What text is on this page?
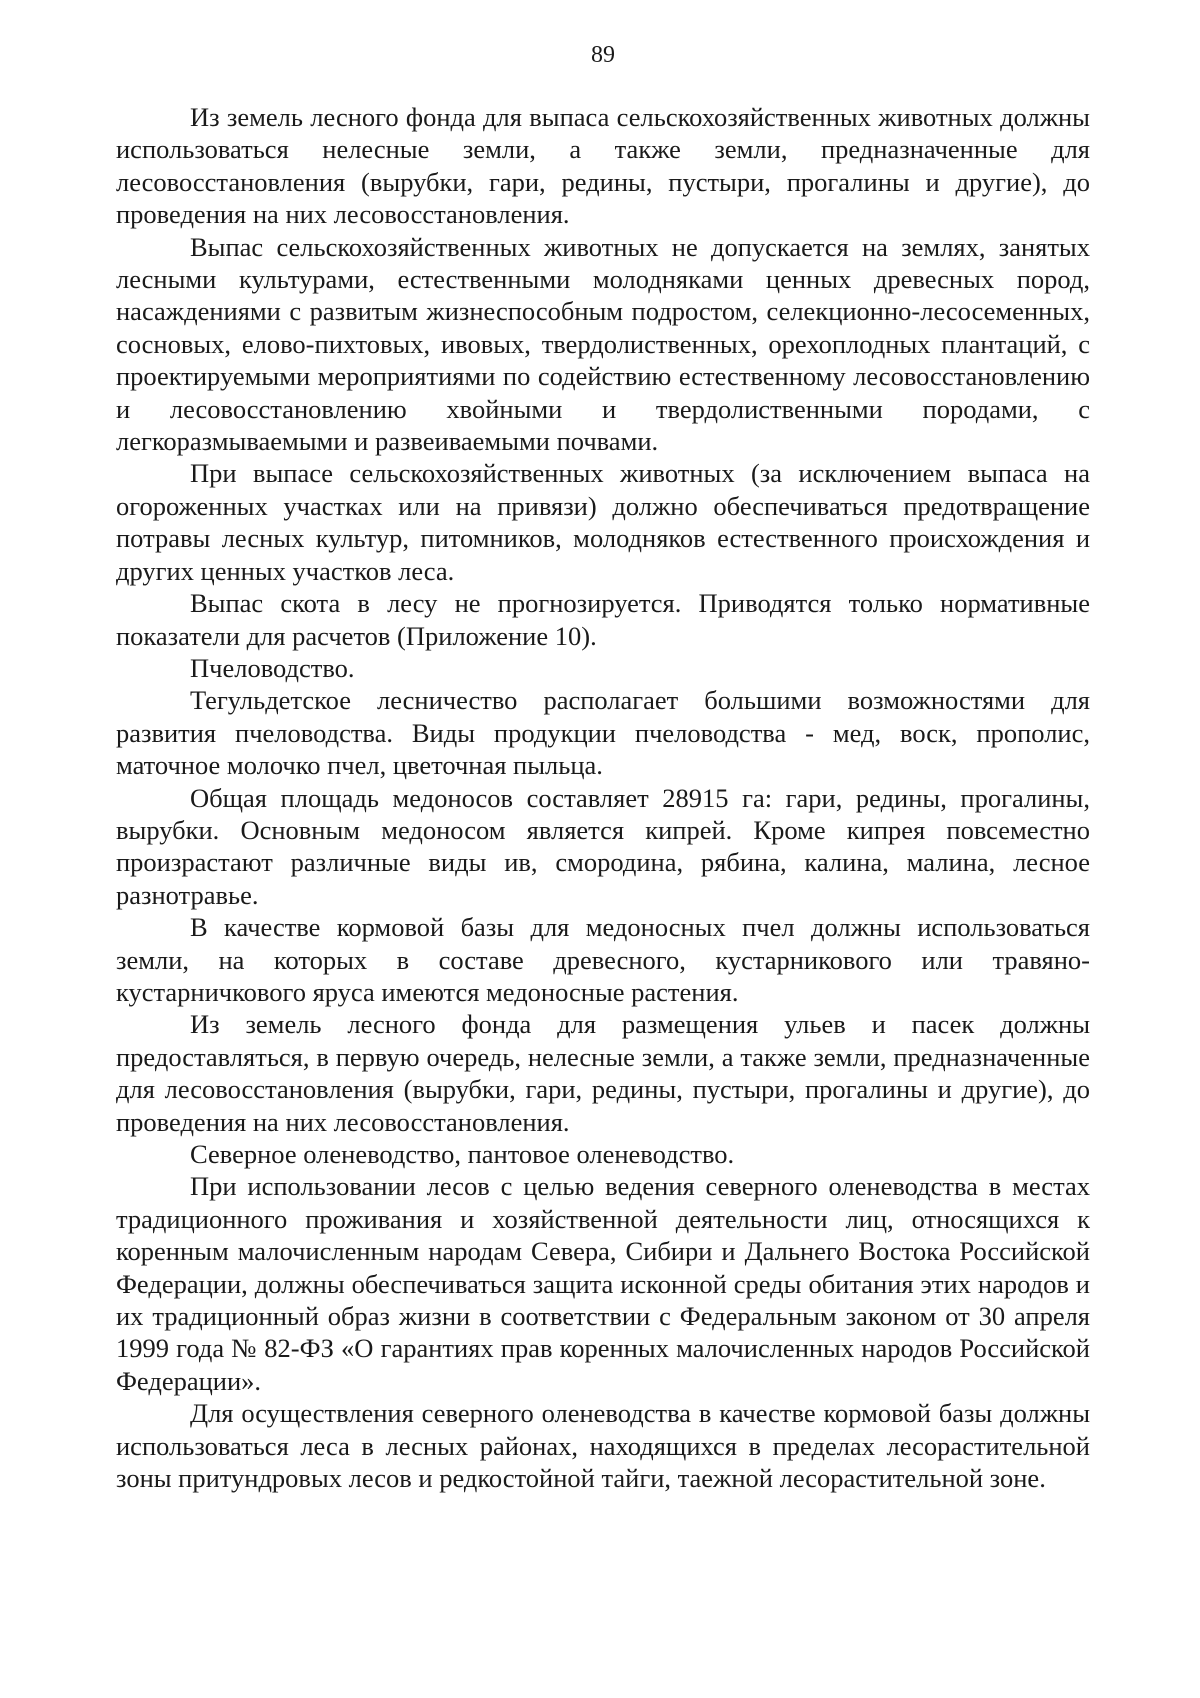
89

Из земель лесного фонда для выпаса сельскохозяйственных животных должны использоваться нелесные земли, а также земли, предназначенные для лесовосстановления (вырубки, гари, редины, пустыри, прогалины и другие), до проведения на них лесовосстановления.

Выпас сельскохозяйственных животных не допускается на землях, занятых лесными культурами, естественными молодняками ценных древесных пород, насаждениями с развитым жизнеспособным подростом, селекционно-лесосеменных, сосновых, елово-пихтовых, ивовых, твердолиственных, орехоплодных плантаций, с проектируемыми мероприятиями по содействию естественному лесовосстановлению и лесовосстановлению хвойными и твердолиственными породами, с легкоразмываемыми и развеиваемыми почвами.

При выпасе сельскохозяйственных животных (за исключением выпаса на огороженных участках или на привязи) должно обеспечиваться предотвращение потравы лесных культур, питомников, молодняков естественного происхождения и других ценных участков леса.

Выпас скота в лесу не прогнозируется. Приводятся только нормативные показатели для расчетов (Приложение 10).

Пчеловодство.

Тегульдетское лесничество располагает большими возможностями для развития пчеловодства. Виды продукции пчеловодства - мед, воск, прополис, маточное молочко пчел, цветочная пыльца.

Общая площадь медоносов составляет 28915 га: гари, редины, прогалины, вырубки. Основным медоносом является кипрей. Кроме кипрея повсеместно произрастают различные виды ив, смородина, рябина, калина, малина, лесное разнотравье.

В качестве кормовой базы для медоносных пчел должны использоваться земли, на которых в составе древесного, кустарникового или травяно-кустарничкового яруса имеются медоносные растения.

Из земель лесного фонда для размещения ульев и пасек должны предоставляться, в первую очередь, нелесные земли, а также земли, предназначенные для лесовосстановления (вырубки, гари, редины, пустыри, прогалины и другие), до проведения на них лесовосстановления.

Северное оленеводство, пантовое оленеводство.

При использовании лесов с целью ведения северного оленеводства в местах традиционного проживания и хозяйственной деятельности лиц, относящихся к коренным малочисленным народам Севера, Сибири и Дальнего Востока Российской Федерации, должны обеспечиваться защита исконной среды обитания этих народов и их традиционный образ жизни в соответствии с Федеральным законом от 30 апреля 1999 года № 82-ФЗ «О гарантиях прав коренных малочисленных народов Российской Федерации».

Для осуществления северного оленеводства в качестве кормовой базы должны использоваться леса в лесных районах, находящихся в пределах лесорастительной зоны притундровых лесов и редкостойной тайги, таежной лесорастительной зоне.
